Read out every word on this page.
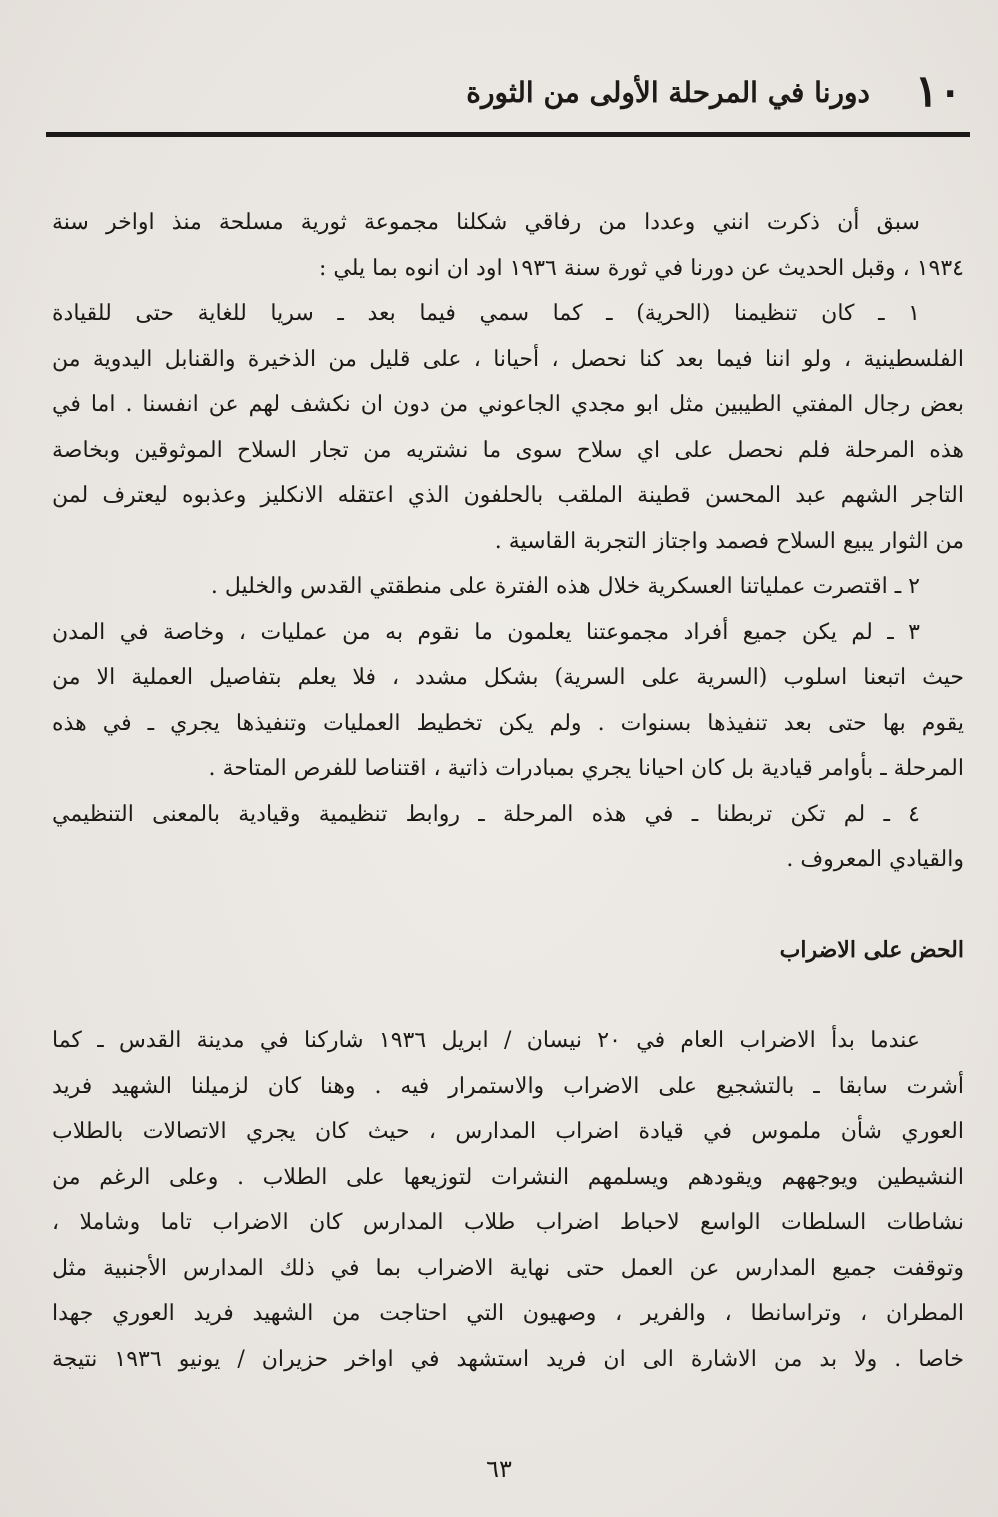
١٠
دورنا في المرحلة الأولى من الثورة
سبق أن ذكرت انني وعددا من رفاقي شكلنا مجموعة ثورية مسلحة منذ اواخر سنة
١٩٣٤ ، وقبل الحديث عن دورنا في ثورة سنة ١٩٣٦ اود ان انوه بما يلي :
١ ـ كان تنظيمنا (الحرية) ـ كما سمي فيما بعد ـ سريا للغاية حتى للقيادة
الفلسطينية ، ولو اننا فيما بعد كنا نحصل ، أحيانا ، على قليل من الذخيرة والقنابل اليدوية من
بعض رجال المفتي الطيبين مثل ابو مجدي الجاعوني من دون ان نكشف لهم عن انفسنا . اما في
هذه المرحلة فلم نحصل على اي سلاح سوى ما نشتريه من تجار السلاح الموثوقين وبخاصة
التاجر الشهم عبد المحسن قطينة الملقب بالحلفون الذي اعتقله الانكليز وعذبوه ليعترف لمن
من الثوار يبيع السلاح فصمد واجتاز التجربة القاسية .
٢ ـ اقتصرت عملياتنا العسكرية خلال هذه الفترة على منطقتي القدس والخليل .
٣ ـ لم يكن جميع أفراد مجموعتنا يعلمون ما نقوم به من عمليات ، وخاصة في المدن
حيث اتبعنا اسلوب (السرية على السرية) بشكل مشدد ، فلا يعلم بتفاصيل العملية الا من
يقوم بها حتى بعد تنفيذها بسنوات . ولم يكن تخطيط العمليات وتنفيذها يجري ـ في هذه
المرحلة ـ بأوامر قيادية بل كان احيانا يجري بمبادرات ذاتية ، اقتناصا للفرص المتاحة .
٤ ـ لم تكن تربطنا ـ في هذه المرحلة ـ روابط تنظيمية وقيادية بالمعنى التنظيمي
والقيادي المعروف .
الحض على الاضراب
عندما بدأ الاضراب العام في ٢٠ نيسان / ابريل ١٩٣٦ شاركنا في مدينة القدس ـ كما
أشرت سابقا ـ بالتشجيع على الاضراب والاستمرار فيه . وهنا كان لزميلنا الشهيد فريد
العوري شأن ملموس في قيادة اضراب المدارس ، حيث كان يجري الاتصالات بالطلاب
النشيطين ويوجههم ويقودهم ويسلمهم النشرات لتوزيعها على الطلاب . وعلى الرغم من
نشاطات السلطات الواسع لاحباط اضراب طلاب المدارس كان الاضراب تاما وشاملا ،
وتوقفت جميع المدارس عن العمل حتى نهاية الاضراب بما في ذلك المدارس الأجنبية مثل
المطران ، وتراسانطا ، والفرير ، وصهيون التي احتاجت من الشهيد فريد العوري جهدا
خاصا . ولا بد من الاشارة الى ان فريد استشهد في اواخر حزيران / يونيو ١٩٣٦ نتيجة
٦٣
